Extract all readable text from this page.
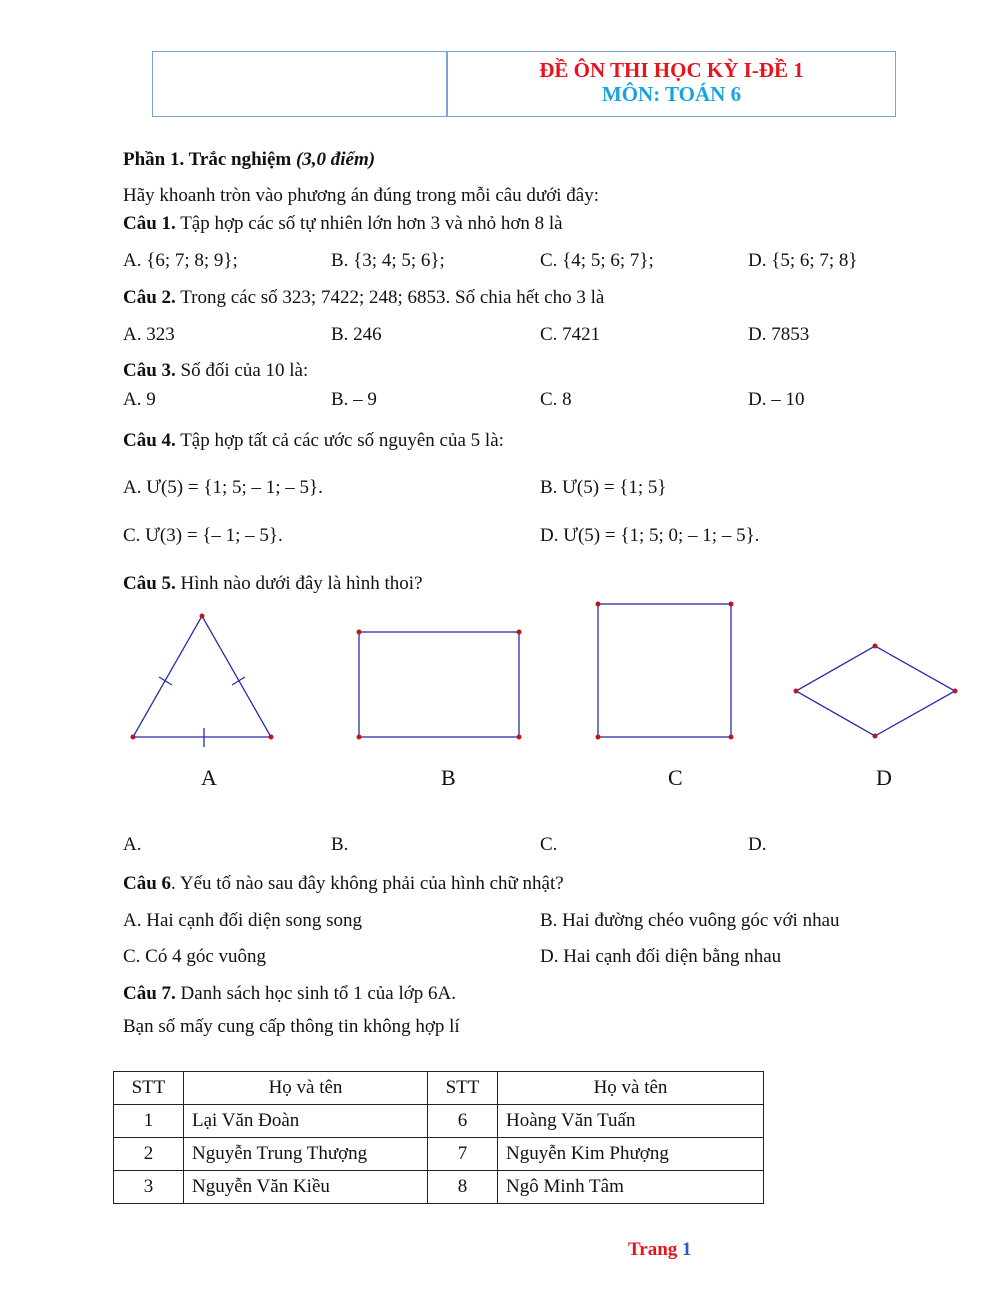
ĐỀ ÔN THI HỌC KỲ I-ĐỀ 1
MÔN: TOÁN 6
Phần 1. Trắc nghiệm (3,0 điểm)
Hãy khoanh tròn vào phương án đúng trong mỗi câu dưới đây:
Câu 1. Tập hợp các số tự nhiên lớn hơn 3 và nhỏ hơn 8 là
A. {6; 7; 8; 9};	B. {3; 4; 5; 6};	C. {4; 5; 6; 7};	D. {5; 6; 7; 8}
Câu 2. Trong các số 323; 7422; 248; 6853. Số chia hết cho 3 là
A. 323	B. 246	C. 7421	D. 7853
Câu 3. Số đối của 10 là:
A. 9	B. – 9	C. 8	D. – 10
Câu 4. Tập hợp tất cả các ước số nguyên của 5 là:
A. Ư(5) = {1; 5; – 1; – 5}.	B. Ư(5) = {1; 5}
C. Ư(3) = {– 1; – 5}.	D. Ư(5) = {1; 5; 0; – 1; – 5}.
Câu 5. Hình nào dưới đây là hình thoi?
A	B	C	D
A.	B.	C.	D.
Câu 6. Yếu tố nào sau đây không phải của hình chữ nhật?
A. Hai cạnh đối diện song song	B. Hai đường chéo vuông góc với nhau
C. Có 4 góc vuông	D. Hai cạnh đối diện bằng nhau
Câu 7. Danh sách học sinh tổ 1 của lớp 6A.
Bạn số mấy cung cấp thông tin không hợp lí
STT	Họ và tên	STT	Họ và tên
1	Lại Văn Đoàn	6	Hoàng Văn Tuấn
2	Nguyễn Trung Thượng	7	Nguyễn Kim Phượng
3	Nguyễn Văn Kiều	8	Ngô Minh Tâm
Trang 1
